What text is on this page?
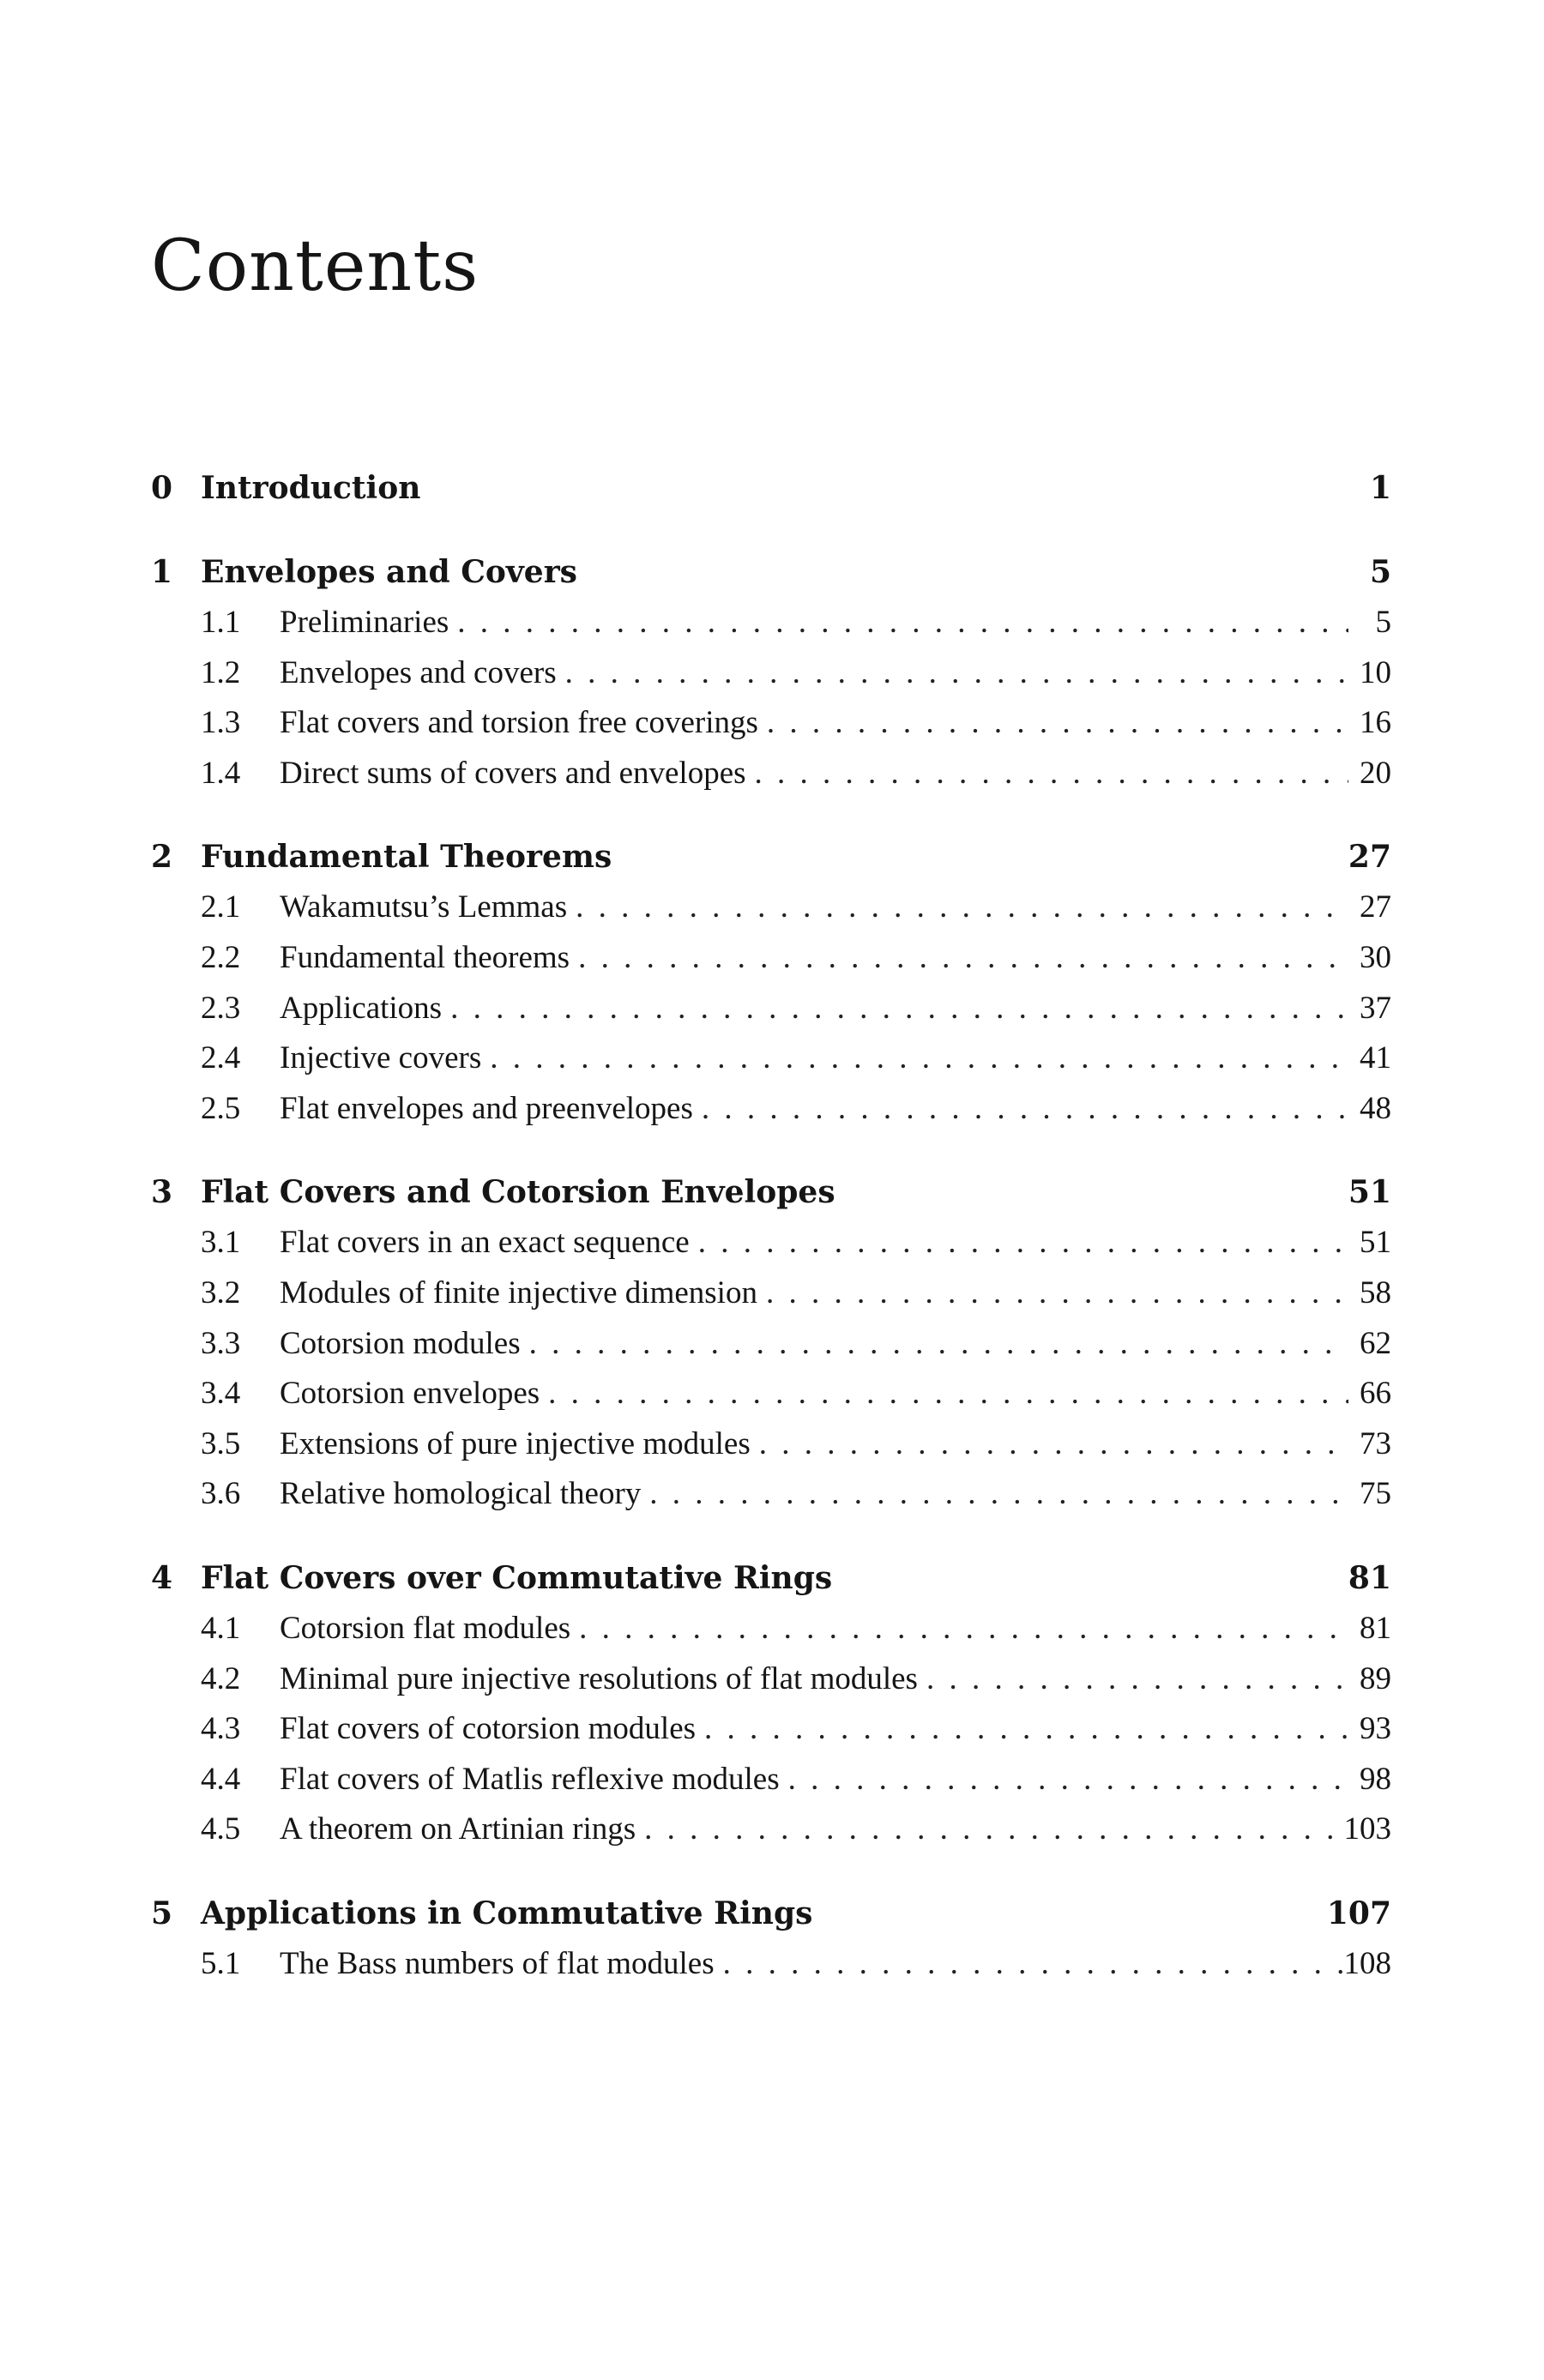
Contents
0 Introduction	1
1 Envelopes and Covers	5
1.1	Preliminaries . . .	5
1.2	Envelopes and covers . . .	10
1.3	Flat covers and torsion free coverings . . .	16
1.4	Direct sums of covers and envelopes . . .	20
2 Fundamental Theorems	27
2.1	Wakamutsu’s Lemmas . . .	27
2.2	Fundamental theorems . . .	30
2.3	Applications . . .	37
2.4	Injective covers . . .	41
2.5	Flat envelopes and preenvelopes . . .	48
3 Flat Covers and Cotorsion Envelopes	51
3.1	Flat covers in an exact sequence . . .	51
3.2	Modules of finite injective dimension . . .	58
3.3	Cotorsion modules . . .	62
3.4	Cotorsion envelopes . . .	66
3.5	Extensions of pure injective modules . . .	73
3.6	Relative homological theory . . .	75
4 Flat Covers over Commutative Rings	81
4.1	Cotorsion flat modules . . .	81
4.2	Minimal pure injective resolutions of flat modules . . .	89
4.3	Flat covers of cotorsion modules . . .	93
4.4	Flat covers of Matlis reflexive modules . . .	98
4.5	A theorem on Artinian rings . . .	103
5 Applications in Commutative Rings	107
5.1	The Bass numbers of flat modules . . .	108
